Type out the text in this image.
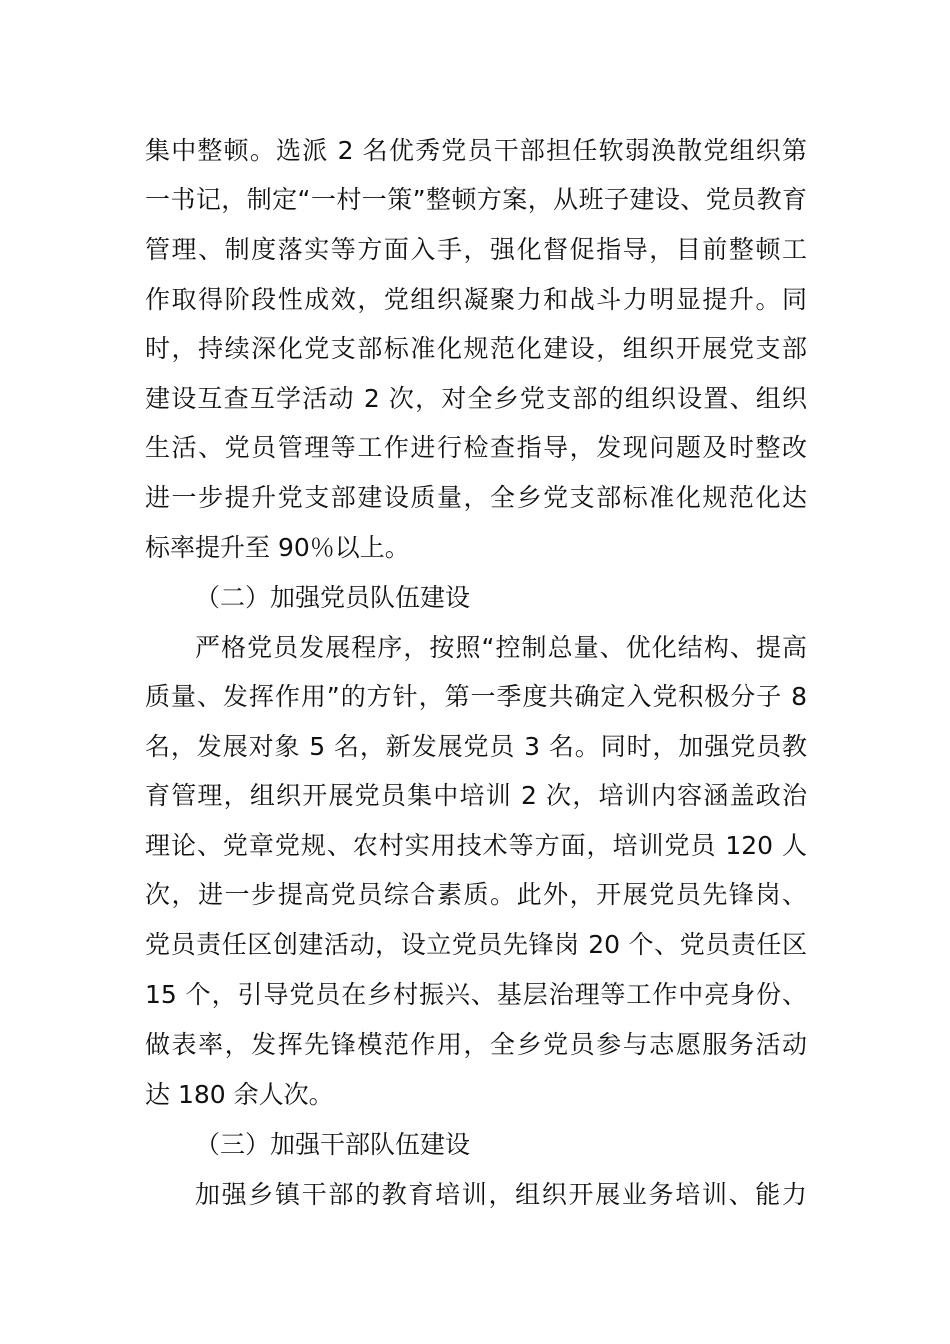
集中整顿。选派 2 名优秀党员干部担任软弱涣散党组织第
一书记，制定“一村一策”整顿方案，从班子建设、党员教育
管理、制度落实等方面入手，强化督促指导，目前整顿工
作取得阶段性成效，党组织凝聚力和战斗力明显提升。同
时，持续深化党支部标准化规范化建设，组织开展党支部
建设互查互学活动 2 次，对全乡党支部的组织设置、组织
生活、党员管理等工作进行检查指导，发现问题及时整改
进一步提升党支部建设质量，全乡党支部标准化规范化达
标率提升至 90％以上。
（二）加强党员队伍建设
严格党员发展程序，按照“控制总量、优化结构、提高
质量、发挥作用”的方针，第一季度共确定入党积极分子 8
名，发展对象 5 名，新发展党员 3 名。同时，加强党员教
育管理，组织开展党员集中培训 2 次，培训内容涵盖政治
理论、党章党规、农村实用技术等方面，培训党员 120 人
次，进一步提高党员综合素质。此外，开展党员先锋岗、
党员责任区创建活动，设立党员先锋岗 20 个、党员责任区
15 个，引导党员在乡村振兴、基层治理等工作中亮身份、
做表率，发挥先锋模范作用，全乡党员参与志愿服务活动
达 180 余人次。
（三）加强干部队伍建设
加强乡镇干部的教育培训，组织开展业务培训、能力
